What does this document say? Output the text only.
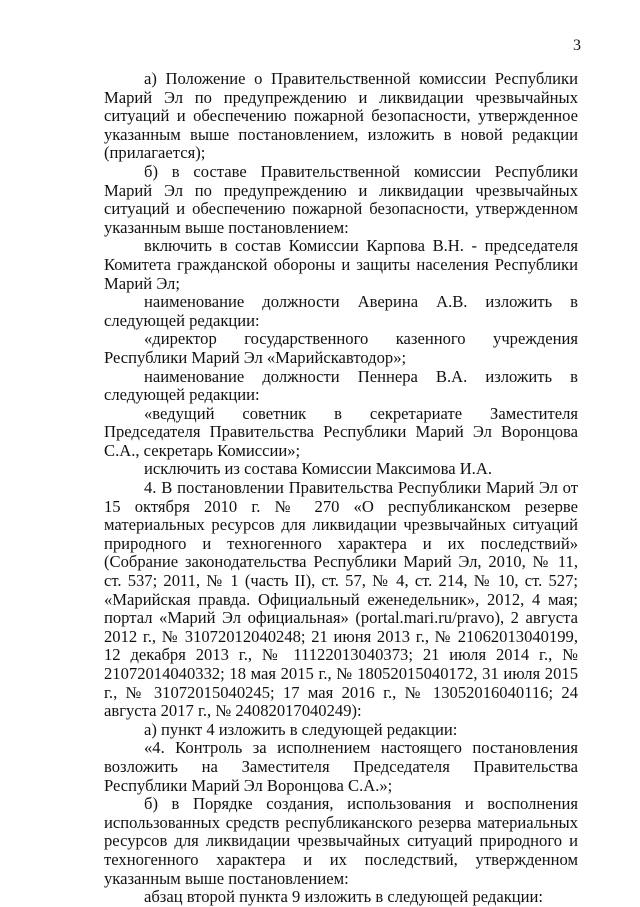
3

а) Положение о Правительственной комиссии Республики Марий Эл по предупреждению и ликвидации чрезвычайных ситуаций и обеспечению пожарной безопасности, утвержденное указанным выше постановлением, изложить в новой редакции (прилагается);

б) в составе Правительственной комиссии Республики Марий Эл по предупреждению и ликвидации чрезвычайных ситуаций и обеспечению пожарной безопасности, утвержденном указанным выше постановлением:

включить в состав Комиссии Карпова В.Н. - председателя Комитета гражданской обороны и защиты населения Республики Марий Эл;

наименование должности Аверина А.В. изложить в следующей редакции:

«директор государственного казенного учреждения Республики Марий Эл «Марийскавтодор»;

наименование должности Пеннера В.А. изложить в следующей редакции:

«ведущий советник в секретариате Заместителя Председателя Правительства Республики Марий Эл Воронцова С.А., секретарь Комиссии»;

исключить из состава Комиссии Максимова И.А.

4. В постановлении Правительства Республики Марий Эл от 15 октября 2010 г. № 270 «О республиканском резерве материальных ресурсов для ликвидации чрезвычайных ситуаций природного и техногенного характера и их последствий» (Собрание законодательства Республики Марий Эл, 2010, № 11, ст. 537; 2011, № 1 (часть II), ст. 57, № 4, ст. 214, № 10, ст. 527; «Марийская правда. Официальный еженедельник», 2012, 4 мая; портал «Марий Эл официальная» (portal.mari.ru/pravo), 2 августа 2012 г., № 31072012040248; 21 июня 2013 г., № 21062013040199, 12 декабря 2013 г., № 11122013040373; 21 июля 2014 г., № 21072014040332; 18 мая 2015 г., № 18052015040172, 31 июля 2015 г., № 31072015040245; 17 мая 2016 г., № 13052016040116; 24 августа 2017 г., № 24082017040249):

а) пункт 4 изложить в следующей редакции:

«4. Контроль за исполнением настоящего постановления возложить на Заместителя Председателя Правительства Республики Марий Эл Воронцова С.А.»;

б) в Порядке создания, использования и восполнения использованных средств республиканского резерва материальных ресурсов для ликвидации чрезвычайных ситуаций природного и техногенного характера и их последствий, утвержденном указанным выше постановлением:

абзац второй пункта 9 изложить в следующей редакции:
